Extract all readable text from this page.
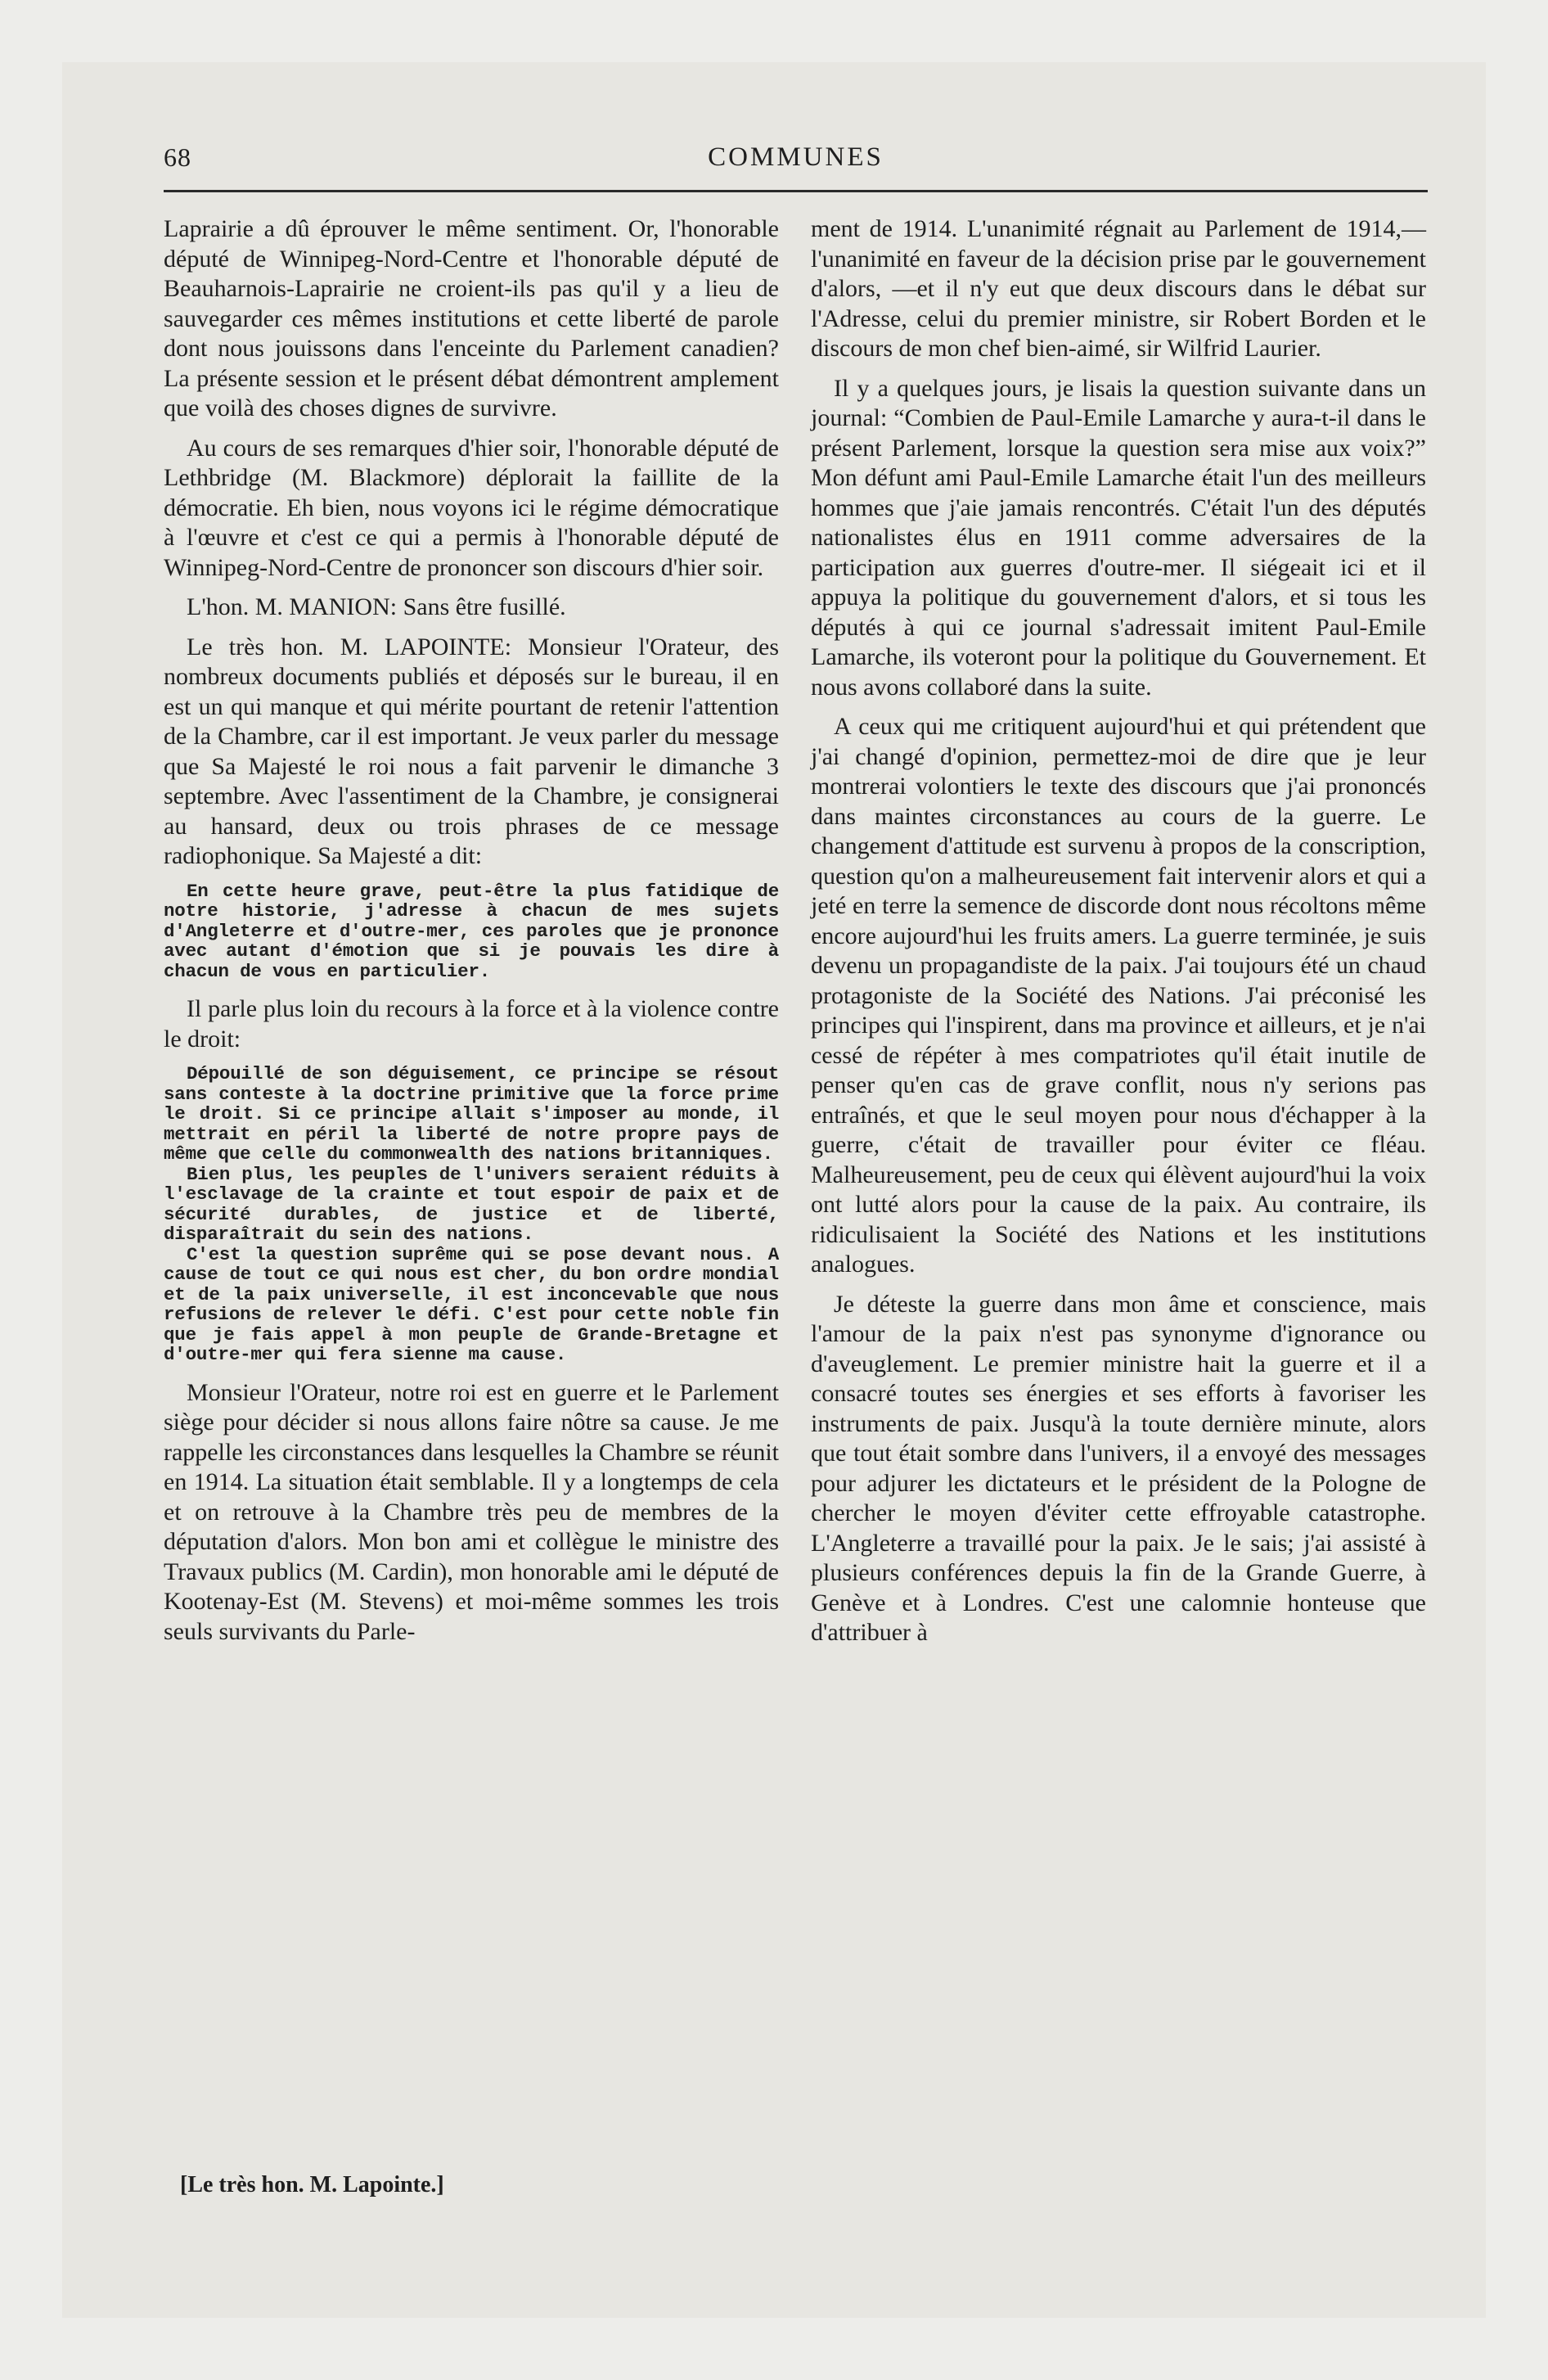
68	COMMUNES

Laprairie a dû éprouver le même sentiment. Or, l'honorable député de Winnipeg-Nord-Centre et l'honorable député de Beauharnois-Laprairie ne croient-ils pas qu'il y a lieu de sauvegarder ces mêmes institutions et cette liberté de parole dont nous jouissons dans l'enceinte du Parlement canadien? La présente session et le présent débat démontrent amplement que voilà des choses dignes de survivre.

Au cours de ses remarques d'hier soir, l'honorable député de Lethbridge (M. Blackmore) déplorait la faillite de la démocratie. Eh bien, nous voyons ici le régime démocratique à l'œuvre et c'est ce qui a permis à l'honorable député de Winnipeg-Nord-Centre de prononcer son discours d'hier soir.

L'hon. M. MANION: Sans être fusillé.

Le très hon. M. LAPOINTE: Monsieur l'Orateur, des nombreux documents publiés et déposés sur le bureau, il en est un qui manque et qui mérite pourtant de retenir l'attention de la Chambre, car il est important. Je veux parler du message que Sa Majesté le roi nous a fait parvenir le dimanche 3 septembre. Avec l'assentiment de la Chambre, je consignerai au hansard, deux ou trois phrases de ce message radiophonique. Sa Majesté a dit:

En cette heure grave, peut-être la plus fatidique de notre historie, j'adresse à chacun de mes sujets d'Angleterre et d'outre-mer, ces paroles que je prononce avec autant d'émotion que si je pouvais les dire à chacun de vous en particulier.

Il parle plus loin du recours à la force et à la violence contre le droit:

Dépouillé de son déguisement, ce principe se résout sans conteste à la doctrine primitive que la force prime le droit. Si ce principe allait s'imposer au monde, il mettrait en péril la liberté de notre propre pays de même que celle du commonwealth des nations britanniques.

Bien plus, les peuples de l'univers seraient réduits à l'esclavage de la crainte et tout espoir de paix et de sécurité durables, de justice et de liberté, disparaîtrait du sein des nations.

C'est la question suprême qui se pose devant nous. A cause de tout ce qui nous est cher, du bon ordre mondial et de la paix universelle, il est inconcevable que nous refusions de relever le défi. C'est pour cette noble fin que je fais appel à mon peuple de Grande-Bretagne et d'outre-mer qui fera sienne ma cause.

Monsieur l'Orateur, notre roi est en guerre et le Parlement siège pour décider si nous allons faire nôtre sa cause. Je me rappelle les circonstances dans lesquelles la Chambre se réunit en 1914. La situation était semblable. Il y a longtemps de cela et on retrouve à la Chambre très peu de membres de la députation d'alors. Mon bon ami et collègue le ministre des Travaux publics (M. Cardin), mon honorable ami le député de Kootenay-Est (M. Stevens) et moi-même sommes les trois seuls survivants du Parle-

ment de 1914. L'unanimité régnait au Parlement de 1914,—l'unanimité en faveur de la décision prise par le gouvernement d'alors, —et il n'y eut que deux discours dans le débat sur l'Adresse, celui du premier ministre, sir Robert Borden et le discours de mon chef bien-aimé, sir Wilfrid Laurier.

Il y a quelques jours, je lisais la question suivante dans un journal: “Combien de Paul-Emile Lamarche y aura-t-il dans le présent Parlement, lorsque la question sera mise aux voix?” Mon défunt ami Paul-Emile Lamarche était l'un des meilleurs hommes que j'aie jamais rencontrés. C'était l'un des députés nationalistes élus en 1911 comme adversaires de la participation aux guerres d'outre-mer. Il siégeait ici et il appuya la politique du gouvernement d'alors, et si tous les députés à qui ce journal s'adressait imitent Paul-Emile Lamarche, ils voteront pour la politique du Gouvernement. Et nous avons collaboré dans la suite.

A ceux qui me critiquent aujourd'hui et qui prétendent que j'ai changé d'opinion, permettez-moi de dire que je leur montrerai volontiers le texte des discours que j'ai prononcés dans maintes circonstances au cours de la guerre. Le changement d'attitude est survenu à propos de la conscription, question qu'on a malheureusement fait intervenir alors et qui a jeté en terre la semence de discorde dont nous récoltons même encore aujourd'hui les fruits amers. La guerre terminée, je suis devenu un propagandiste de la paix. J'ai toujours été un chaud protagoniste de la Société des Nations. J'ai préconisé les principes qui l'inspirent, dans ma province et ailleurs, et je n'ai cessé de répéter à mes compatriotes qu'il était inutile de penser qu'en cas de grave conflit, nous n'y serions pas entraînés, et que le seul moyen pour nous d'échapper à la guerre, c'était de travailler pour éviter ce fléau. Malheureusement, peu de ceux qui élèvent aujourd'hui la voix ont lutté alors pour la cause de la paix. Au contraire, ils ridiculisaient la Société des Nations et les institutions analogues.

Je déteste la guerre dans mon âme et conscience, mais l'amour de la paix n'est pas synonyme d'ignorance ou d'aveuglement. Le premier ministre hait la guerre et il a consacré toutes ses énergies et ses efforts à favoriser les instruments de paix. Jusqu'à la toute dernière minute, alors que tout était sombre dans l'univers, il a envoyé des messages pour adjurer les dictateurs et le président de la Pologne de chercher le moyen d'éviter cette effroyable catastrophe. L'Angleterre a travaillé pour la paix. Je le sais; j'ai assisté à plusieurs conférences depuis la fin de la Grande Guerre, à Genève et à Londres. C'est une calomnie honteuse que d'attribuer à

[Le très hon. M. Lapointe.]
